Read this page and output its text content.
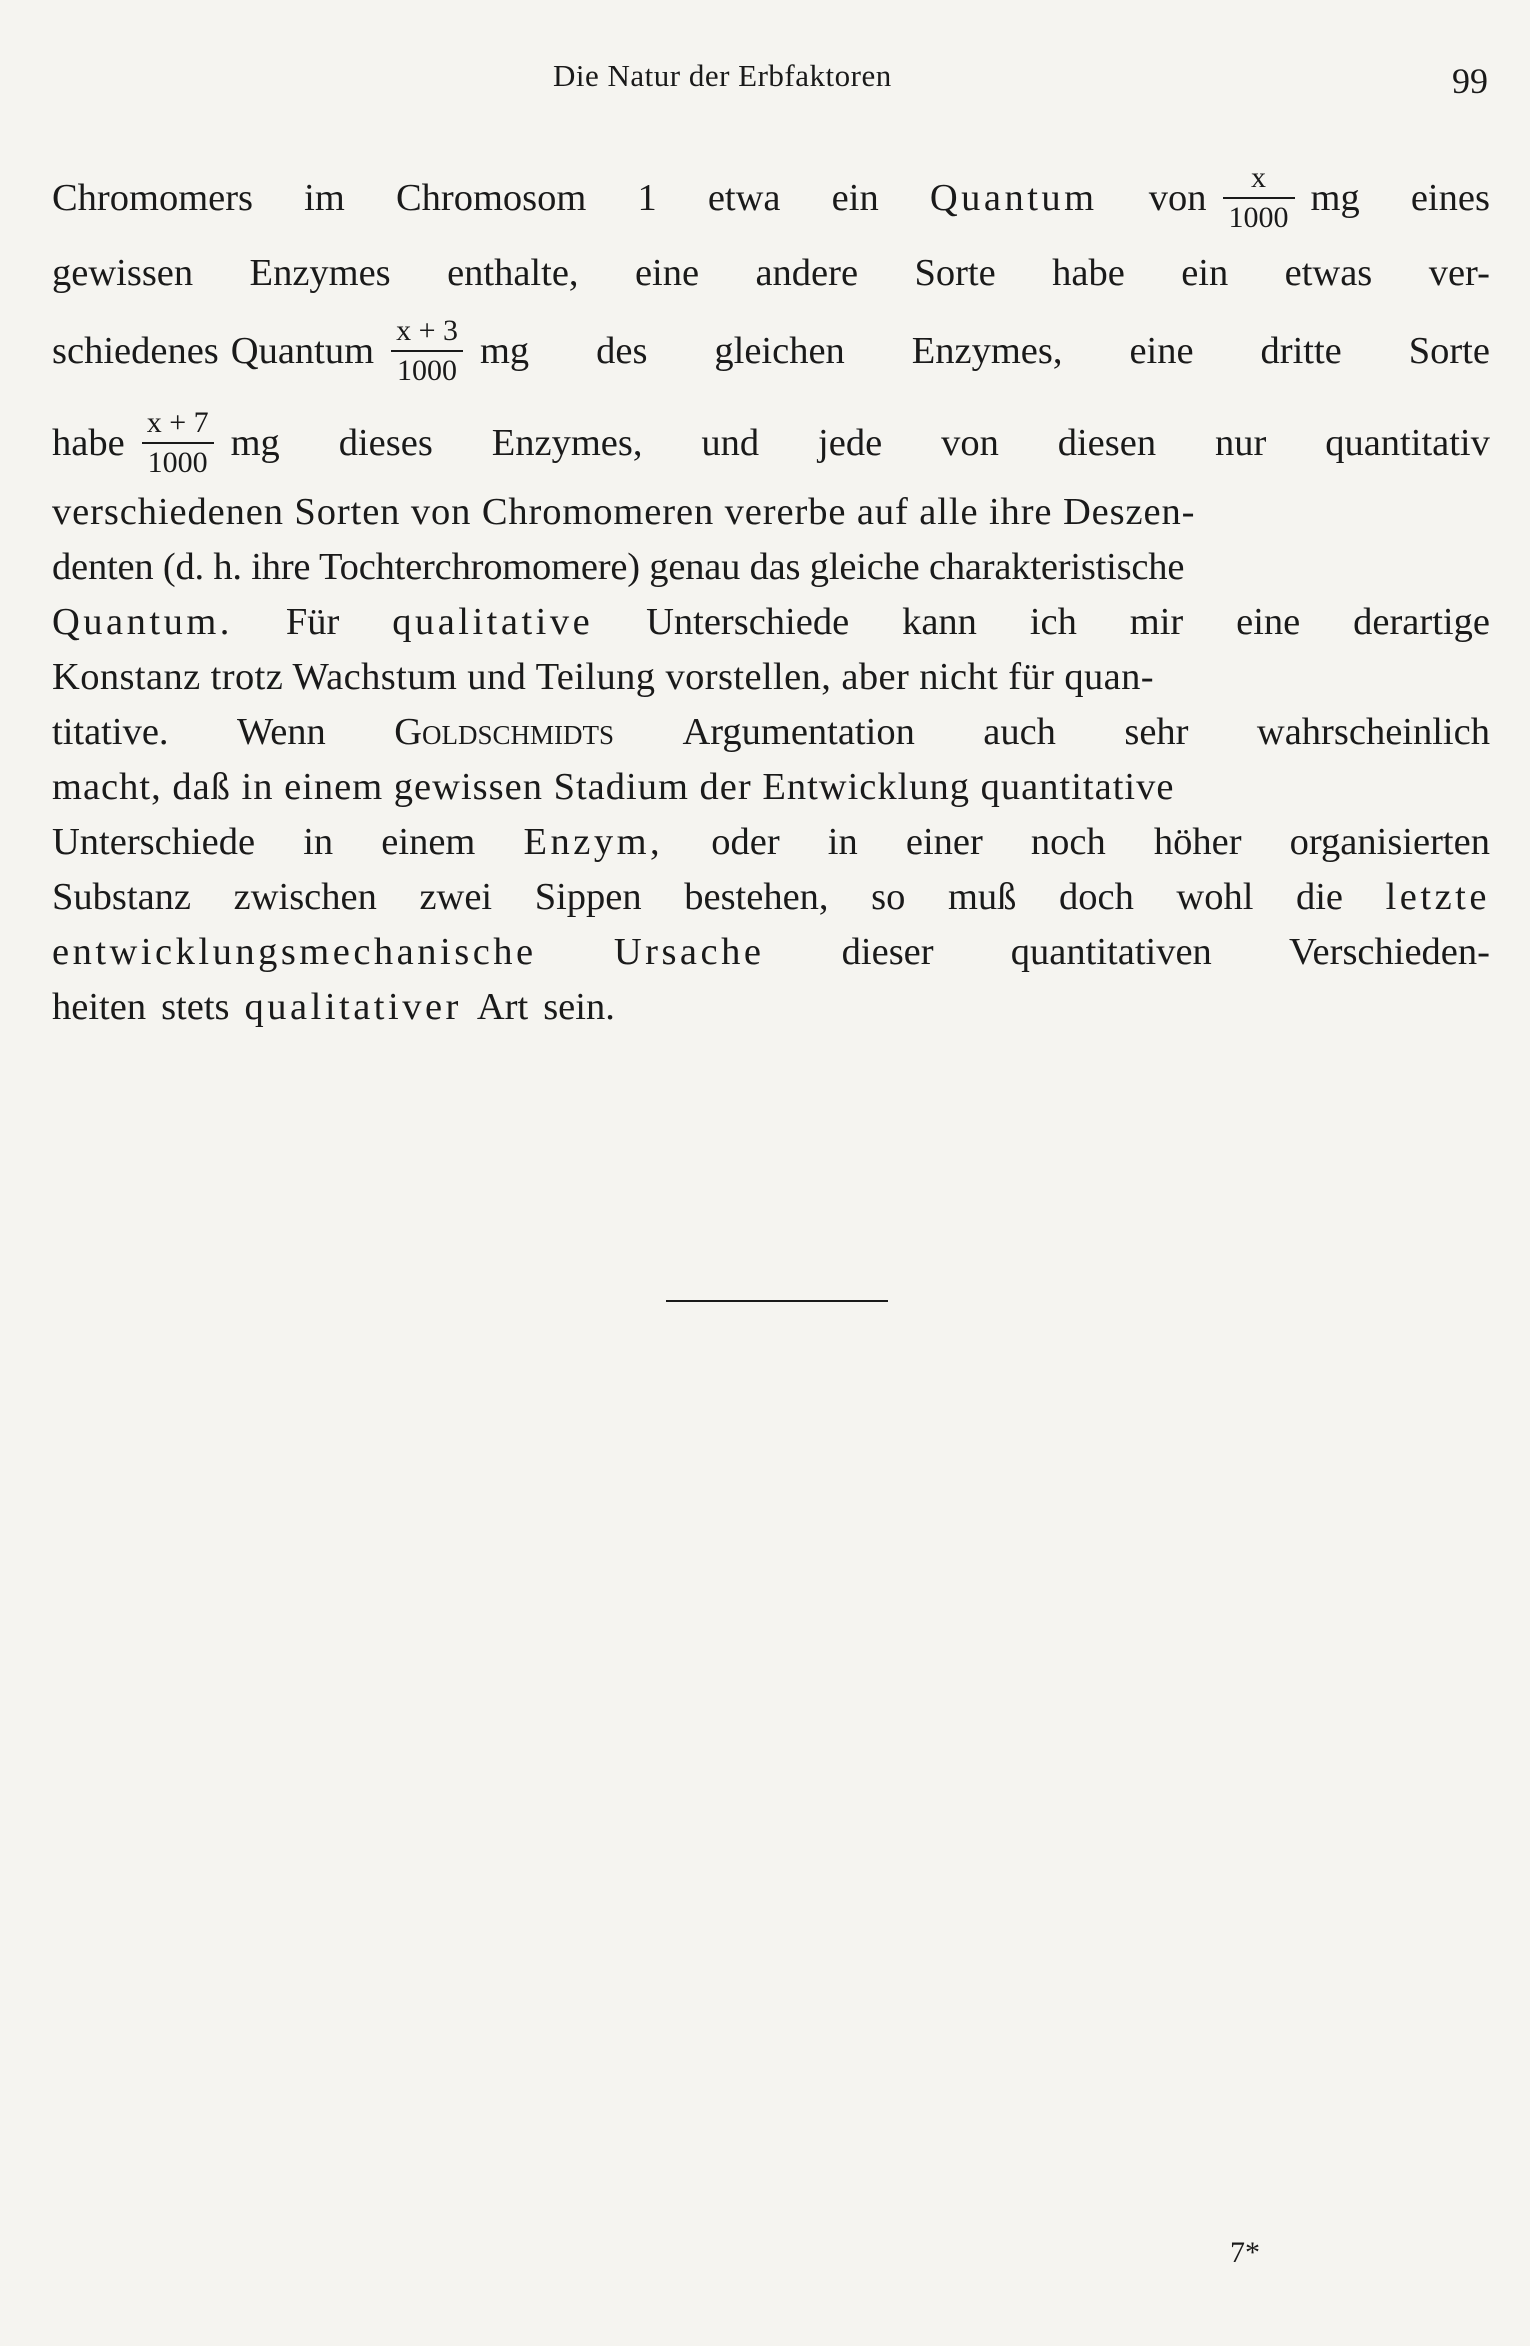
Die Natur der Erbfaktoren	99
Chromomers im Chromosom 1 etwa ein Quantum von $\frac{x}{1000}$ mg eines
gewissen Enzymes enthalte, eine andere Sorte habe ein etwas ver-
schiedenes Quantum $\frac{x + 3}{1000}$ mg des gleichen Enzymes, eine dritte Sorte
habe $\frac{x + 7}{1000}$ mg dieses Enzymes, und jede von diesen nur quantitativ
verschiedenen Sorten von Chromomeren vererbe auf alle ihre Deszen-
denten (d. h. ihre Tochterchromomere) genau das gleiche charakteristische
Quantum. Für qualitative Unterschiede kann ich mir eine derartige
Konstanz trotz Wachstum und Teilung vorstellen, aber nicht für quan-
titative. Wenn Goldschmidts Argumentation auch sehr wahrscheinlich
macht, daß in einem gewissen Stadium der Entwicklung quantitative
Unterschiede in einem Enzym, oder in einer noch höher organisierten
Substanz zwischen zwei Sippen bestehen, so muß doch wohl die letzte
entwicklungsmechanische Ursache dieser quantitativen Verschieden-
heiten stets qualitativer Art sein.
7*
